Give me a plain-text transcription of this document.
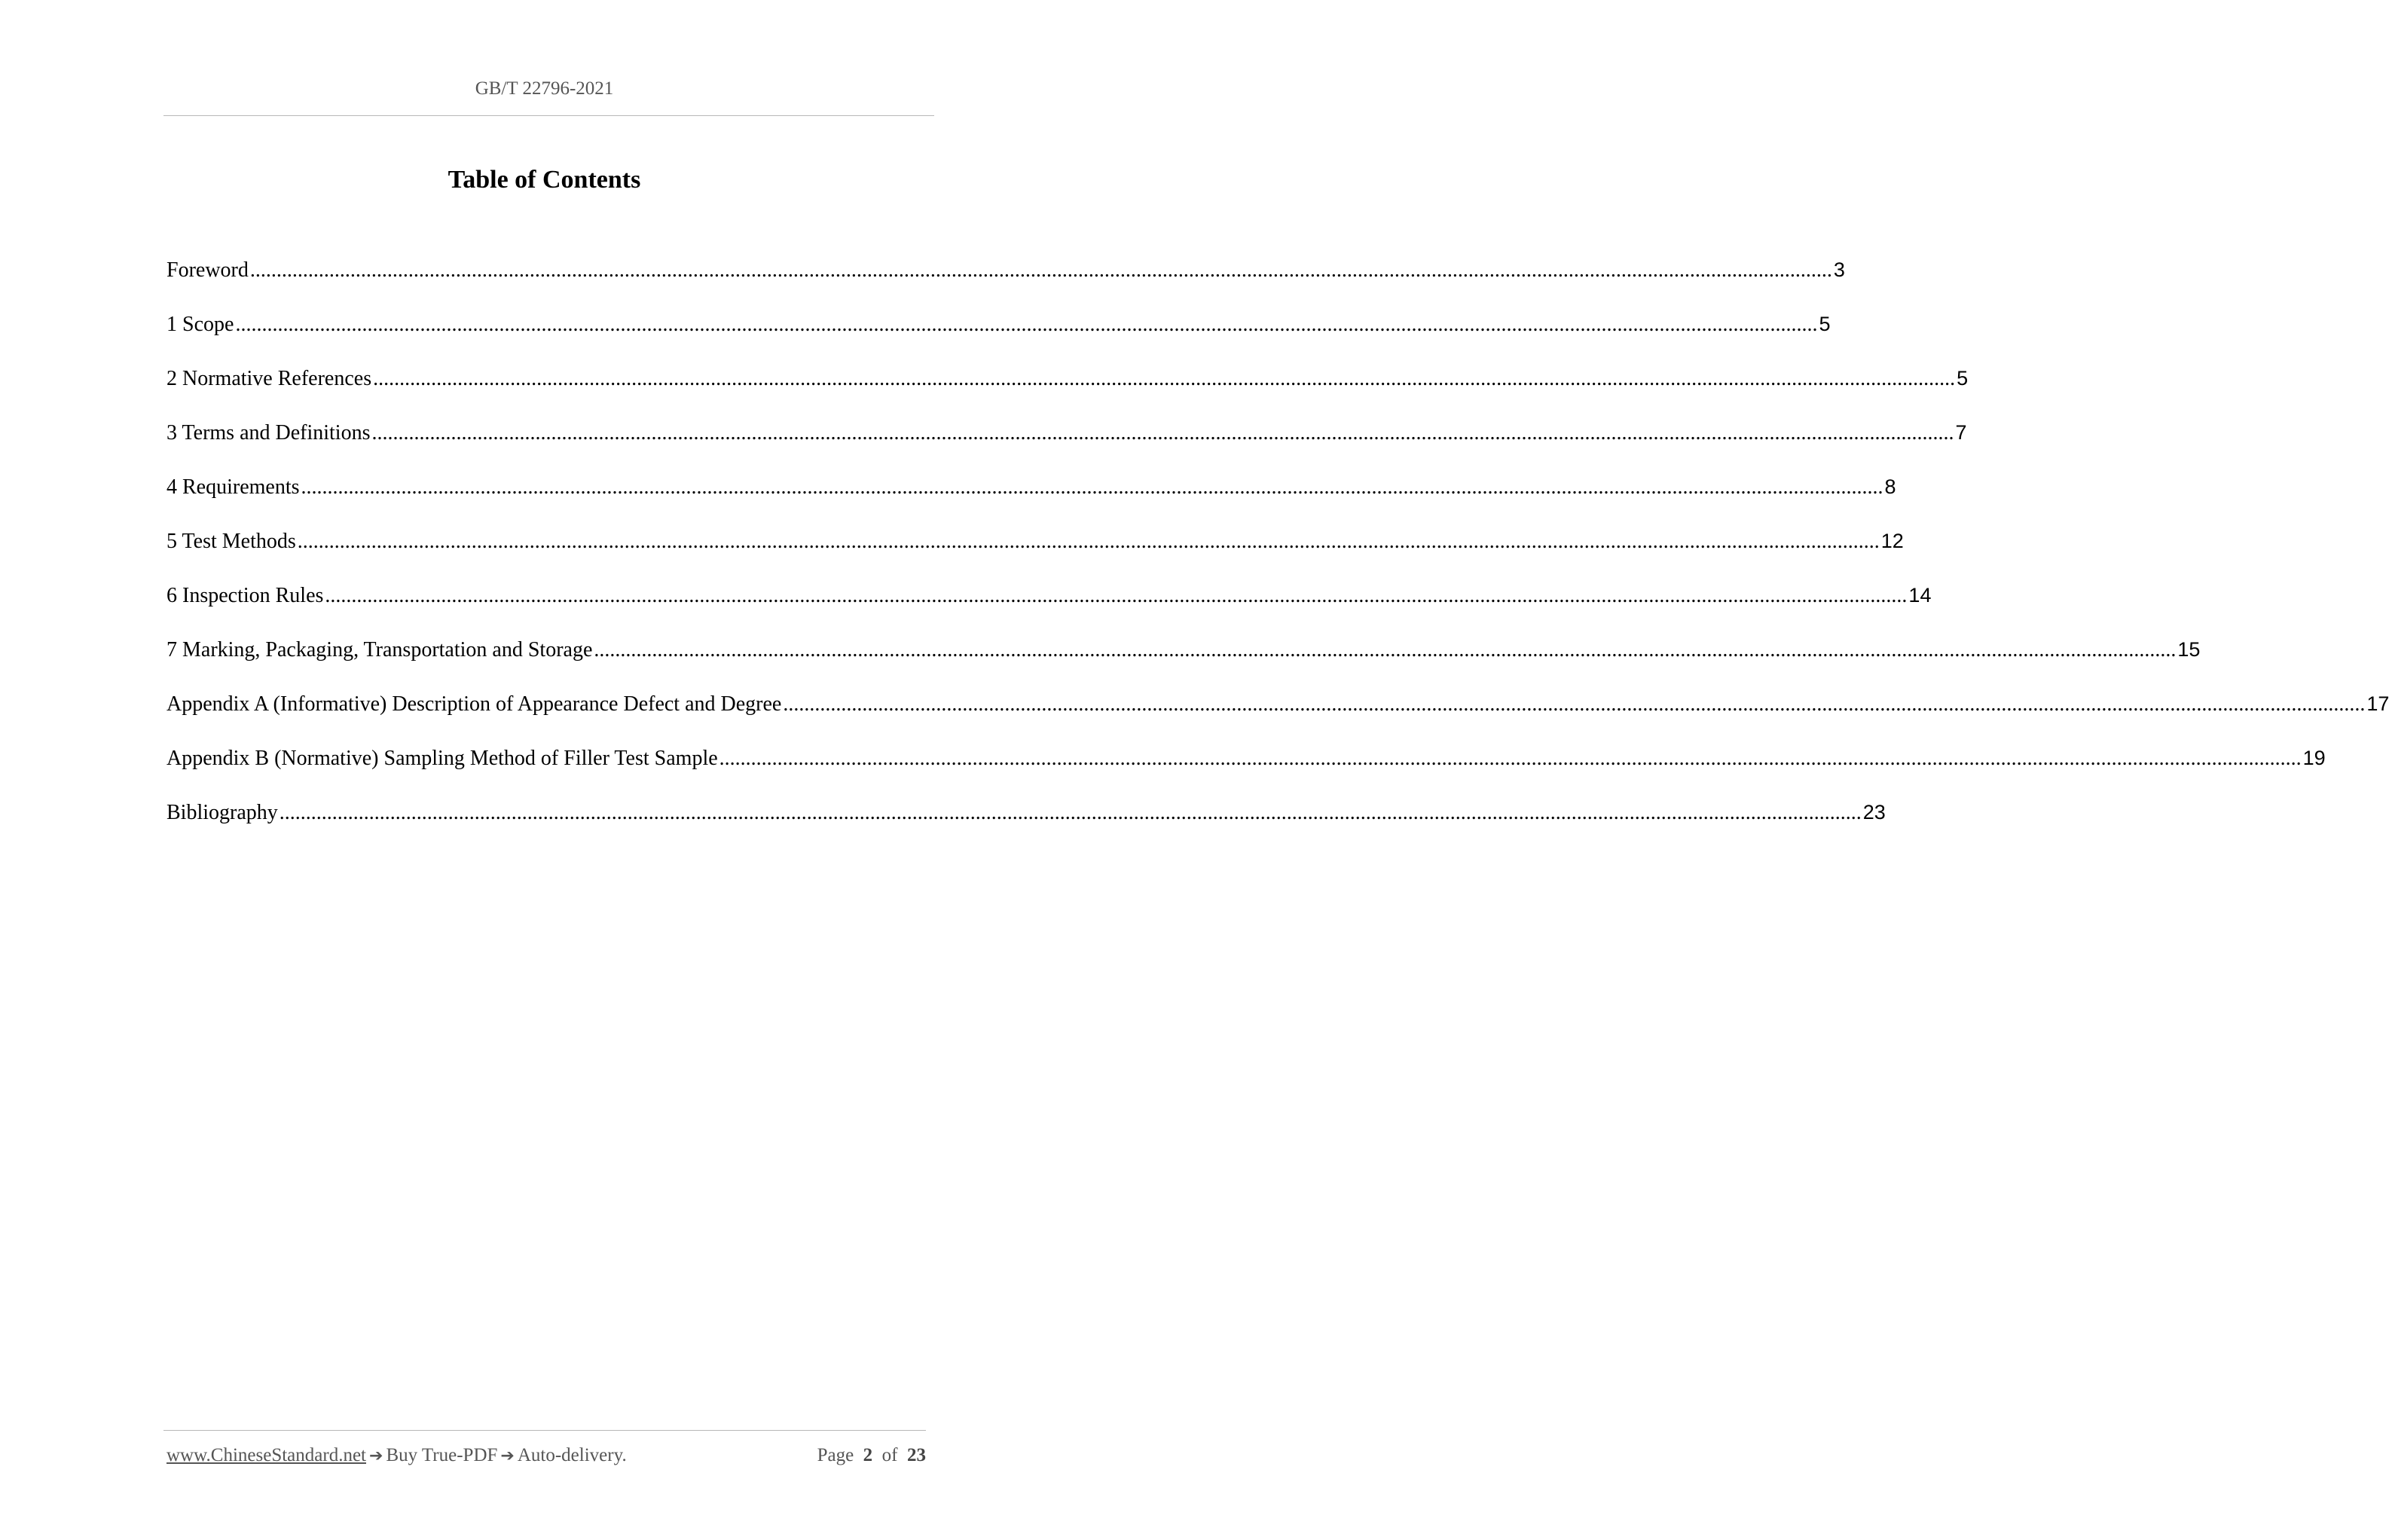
GB/T 22796-2021
Table of Contents
Foreword ............................................................................................................................................................................................................................................................................................................ 3
1 Scope ............................................................................................................................................................................................................................................................................................................ 5
2 Normative References ............................................................................................................................................................................................................................................................................................................ 5
3 Terms and Definitions ............................................................................................................................................................................................................................................................................................................ 7
4 Requirements ............................................................................................................................................................................................................................................................................................................ 8
5 Test Methods ............................................................................................................................................................................................................................................................................................................ 12
6 Inspection Rules ............................................................................................................................................................................................................................................................................................................ 14
7 Marking, Packaging, Transportation and Storage ............................................................................................................................................................................................................................................................................................................ 15
Appendix A (Informative) Description of Appearance Defect and Degree ............................................................................................................................................................................................................................................................................................................ 17
Appendix B (Normative) Sampling Method of Filler Test Sample ............................................................................................................................................................................................................................................................................................................ 19
Bibliography ............................................................................................................................................................................................................................................................................................................ 23
www.ChineseStandard.net ➔ Buy True-PDF ➔ Auto-delivery.	Page 2 of 23
